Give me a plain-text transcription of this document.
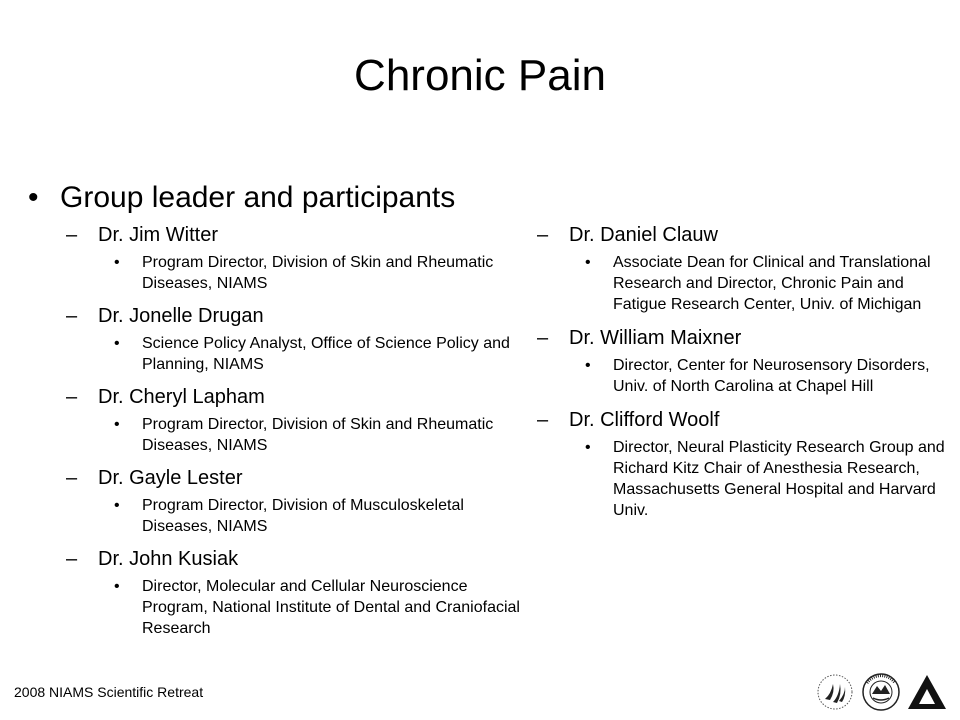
Chronic Pain
• Group leader and participants
– Dr. Jim Witter
• Program Director, Division of Skin and Rheumatic Diseases, NIAMS
– Dr. Jonelle Drugan
• Science Policy Analyst, Office of Science Policy and Planning, NIAMS
– Dr. Cheryl Lapham
• Program Director, Division of Skin and Rheumatic Diseases, NIAMS
– Dr. Gayle Lester
• Program Director, Division of Musculoskeletal Diseases, NIAMS
– Dr. John Kusiak
• Director, Molecular and Cellular Neuroscience Program, National Institute of Dental and Craniofacial Research
– Dr. Daniel Clauw
• Associate Dean for Clinical and Translational Research and Director, Chronic Pain and Fatigue Research Center, Univ. of Michigan
– Dr. William Maixner
• Director, Center for Neurosensory Disorders, Univ. of North Carolina at Chapel Hill
– Dr. Clifford Woolf
• Director, Neural Plasticity Research Group and Richard Kitz Chair of Anesthesia Research, Massachusetts General Hospital and Harvard Univ.
2008 NIAMS Scientific Retreat
